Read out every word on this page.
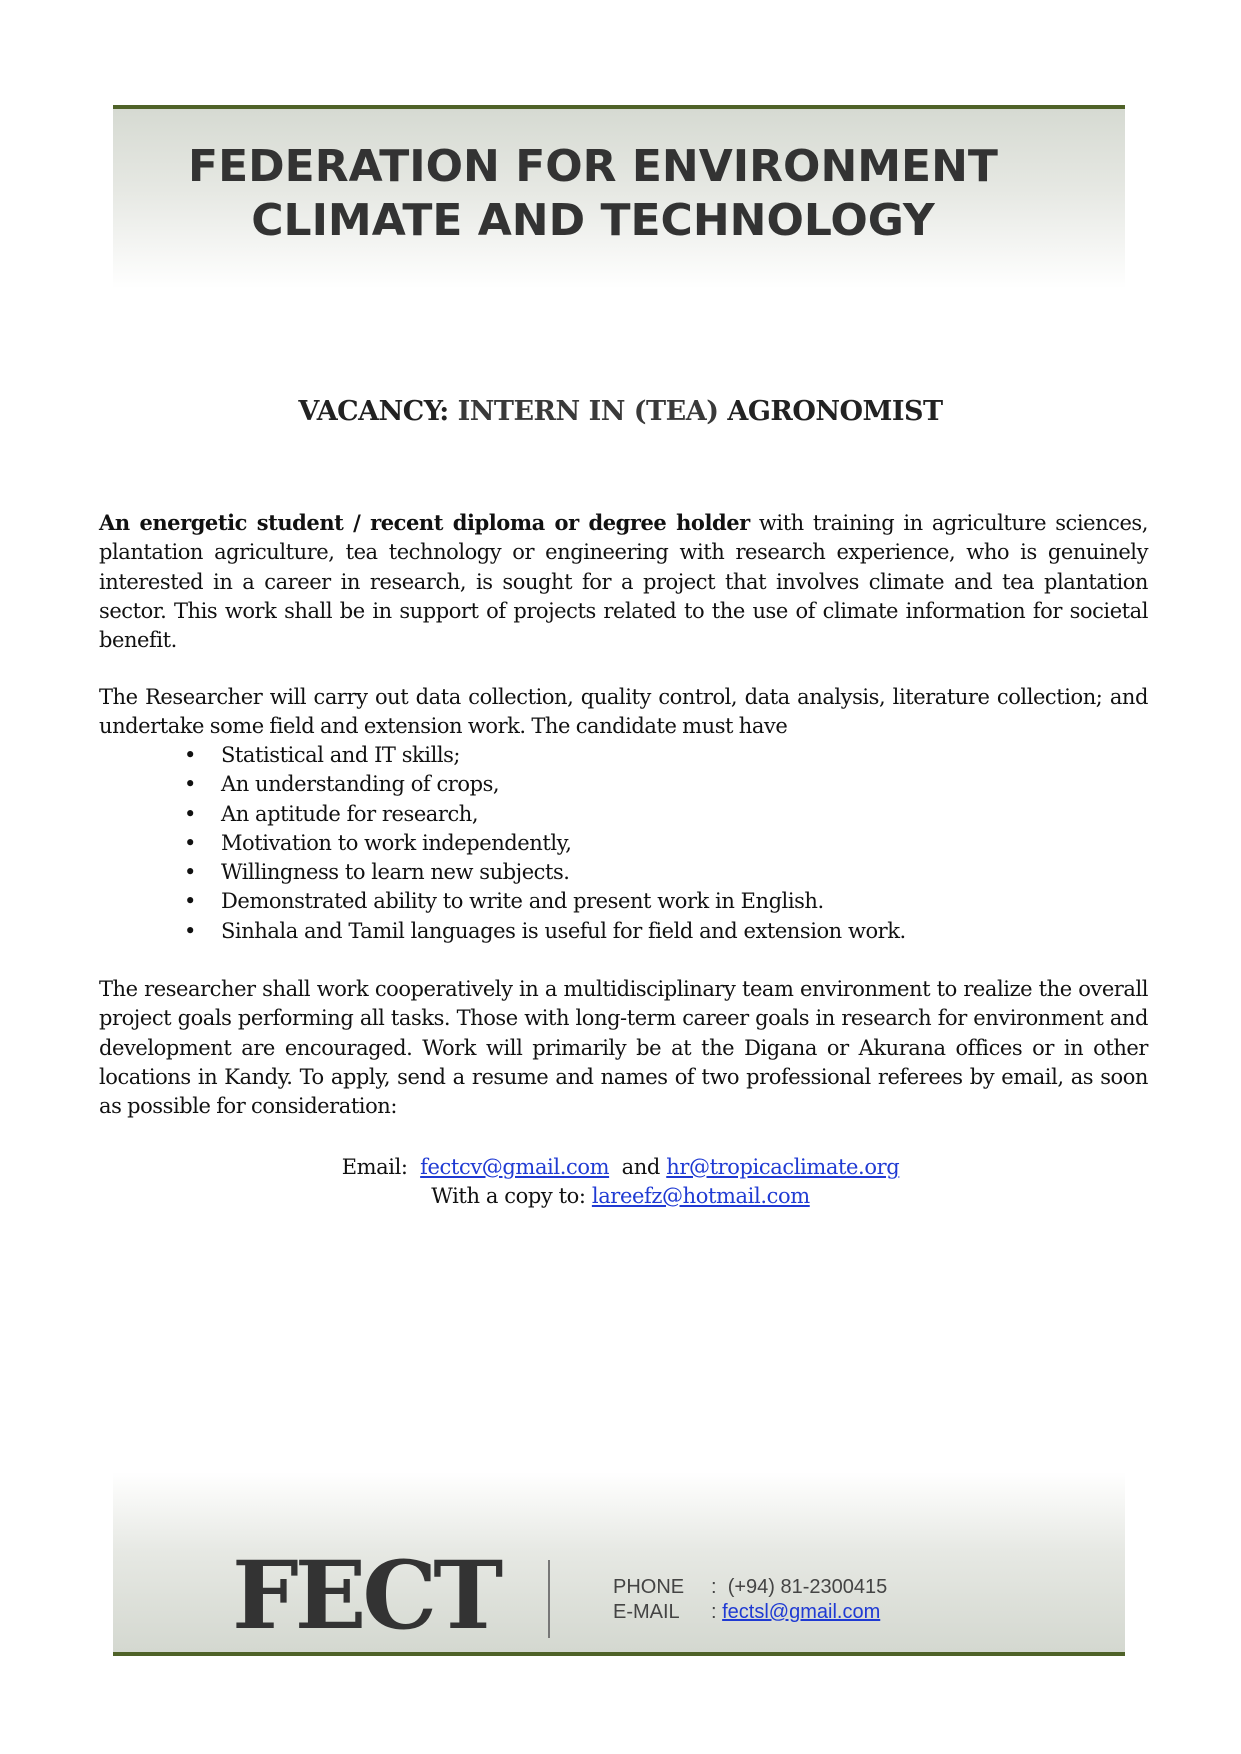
FEDERATION FOR ENVIRONMENT
CLIMATE AND TECHNOLOGY
VACANCY: INTERN IN (TEA) AGRONOMIST
An energetic student / recent diploma or degree holder with training in agriculture sciences, plantation agriculture, tea technology or engineering with research experience, who is genuinely interested in a career in research, is sought for a project that involves climate and tea plantation sector. This work shall be in support of projects related to the use of climate information for societal benefit.
The Researcher will carry out data collection, quality control, data analysis, literature collection; and undertake some field and extension work. The candidate must have
• Statistical and IT skills;
• An understanding of crops,
• An aptitude for research,
• Motivation to work independently,
• Willingness to learn new subjects.
• Demonstrated ability to write and present work in English.
• Sinhala and Tamil languages is useful for field and extension work.
The researcher shall work cooperatively in a multidisciplinary team environment to realize the overall project goals performing all tasks. Those with long-term career goals in research for environment and development are encouraged. Work will primarily be at the Digana or Akurana offices or in other locations in Kandy. To apply, send a resume and names of two professional referees by email, as soon as possible for consideration:
Email: fectcv@gmail.com and hr@tropicaclimate.org
With a copy to: lareefz@hotmail.com
FECT	PHONE : (+94) 81-2300415
E-MAIL : fectsl@gmail.com
